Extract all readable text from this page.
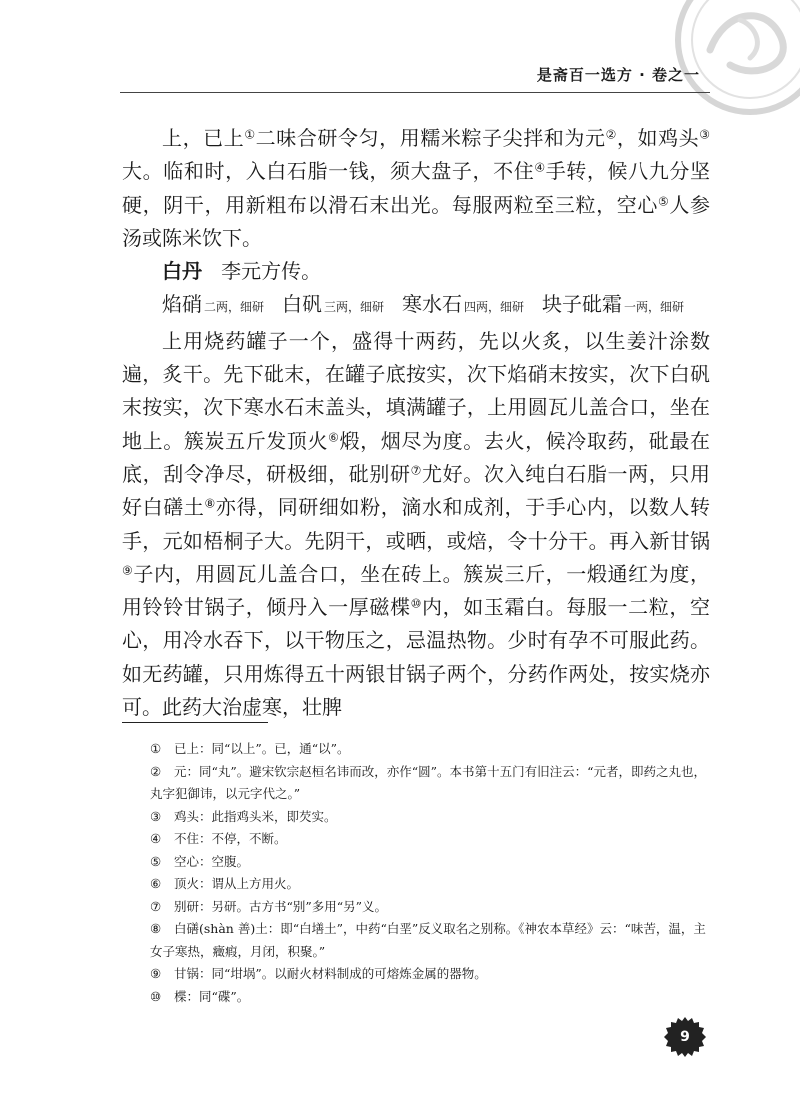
是斋百一选方 · 卷之一

上，已上①二味合研令匀，用糯米粽子尖拌和为元②，如鸡头③大。临和时，入白石脂一钱，须大盘子，不住④手转，候八九分坚硬，阴干，用新粗布以滑石末出光。每服两粒至三粒，空心⑤人参汤或陈米饮下。

白丹 李元方传。

焰硝 二两，细研 白矾 三两，细研 寒水石 四两，细研 块子砒霜 一两，细研

上用烧药罐子一个，盛得十两药，先以火炙，以生姜汁涂数遍，炙干。先下砒末，在罐子底按实，次下焰硝末按实，次下白矾末按实，次下寒水石末盖头，填满罐子，上用圆瓦儿盖合口，坐在地上。簇炭五斤发顶火⑥煅，烟尽为度。去火，候冷取药，砒最在底，刮令净尽，研极细，砒别研⑦尤好。次入纯白石脂一两，只用好白磰土⑧亦得，同研细如粉，滴水和成剂，于手心内，以数人转手，元如梧桐子大。先阴干，或晒，或焙，令十分干。再入新甘锅⑨子内，用圆瓦儿盖合口，坐在砖上。簇炭三斤，一煅通红为度，用铃铃甘锅子，倾丹入一厚磁楪⑩内，如玉霜白。每服一二粒，空心，用冷水吞下，以干物压之，忌温热物。少时有孕不可服此药。如无药罐，只用炼得五十两银甘锅子两个，分药作两处，按实烧亦可。此药大治虚寒，壮脾

① 已上：同“以上”。已，通“以”。
② 元：同“丸”。避宋钦宗赵桓名讳而改，亦作“圆”。本书第十五门有旧注云：“元者，即药之丸也，丸字犯御讳，以元字代之。”
③ 鸡头：此指鸡头米，即芡实。
④ 不住：不停，不断。
⑤ 空心：空腹。
⑥ 顶火：谓从上方用火。
⑦ 别研：另研。古方书“别”多用“另”义。
⑧ 白磰(shàn 善)土：即“白墡土”，中药“白垩”反义取名之别称。《神农本草经》云：“味苦，温，主女子寒热，癥瘕，月闭，积聚。”
⑨ 甘锅：同“坩埚”。以耐火材料制成的可熔炼金属的器物。
⑩ 楪：同“碟”。
9
